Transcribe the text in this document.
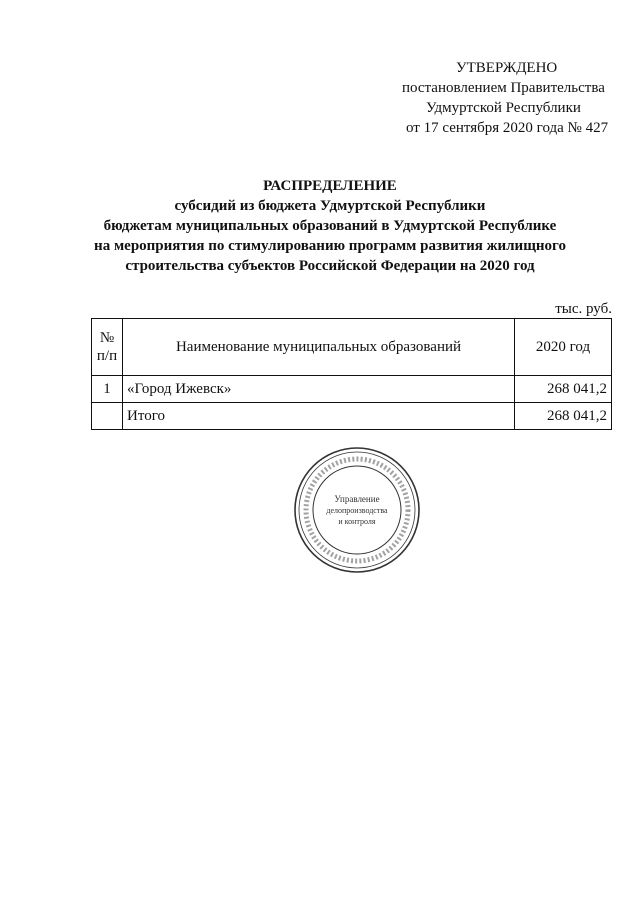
УТВЕРЖДЕНО
постановлением Правительства
Удмуртской Республики
от 17 сентября 2020 года № 427
РАСПРЕДЕЛЕНИЕ
субсидий из бюджета Удмуртской Республики
бюджетам муниципальных образований в Удмуртской Республике
на мероприятия по стимулированию программ развития жилищного
строительства субъектов Российской Федерации на 2020 год
тыс. руб.
№
п/п	Наименование муниципальных образований	2020 год
1	«Город Ижевск»	268 041,2
	Итого	268 041,2
Управление
делопроизводства
и контроля
